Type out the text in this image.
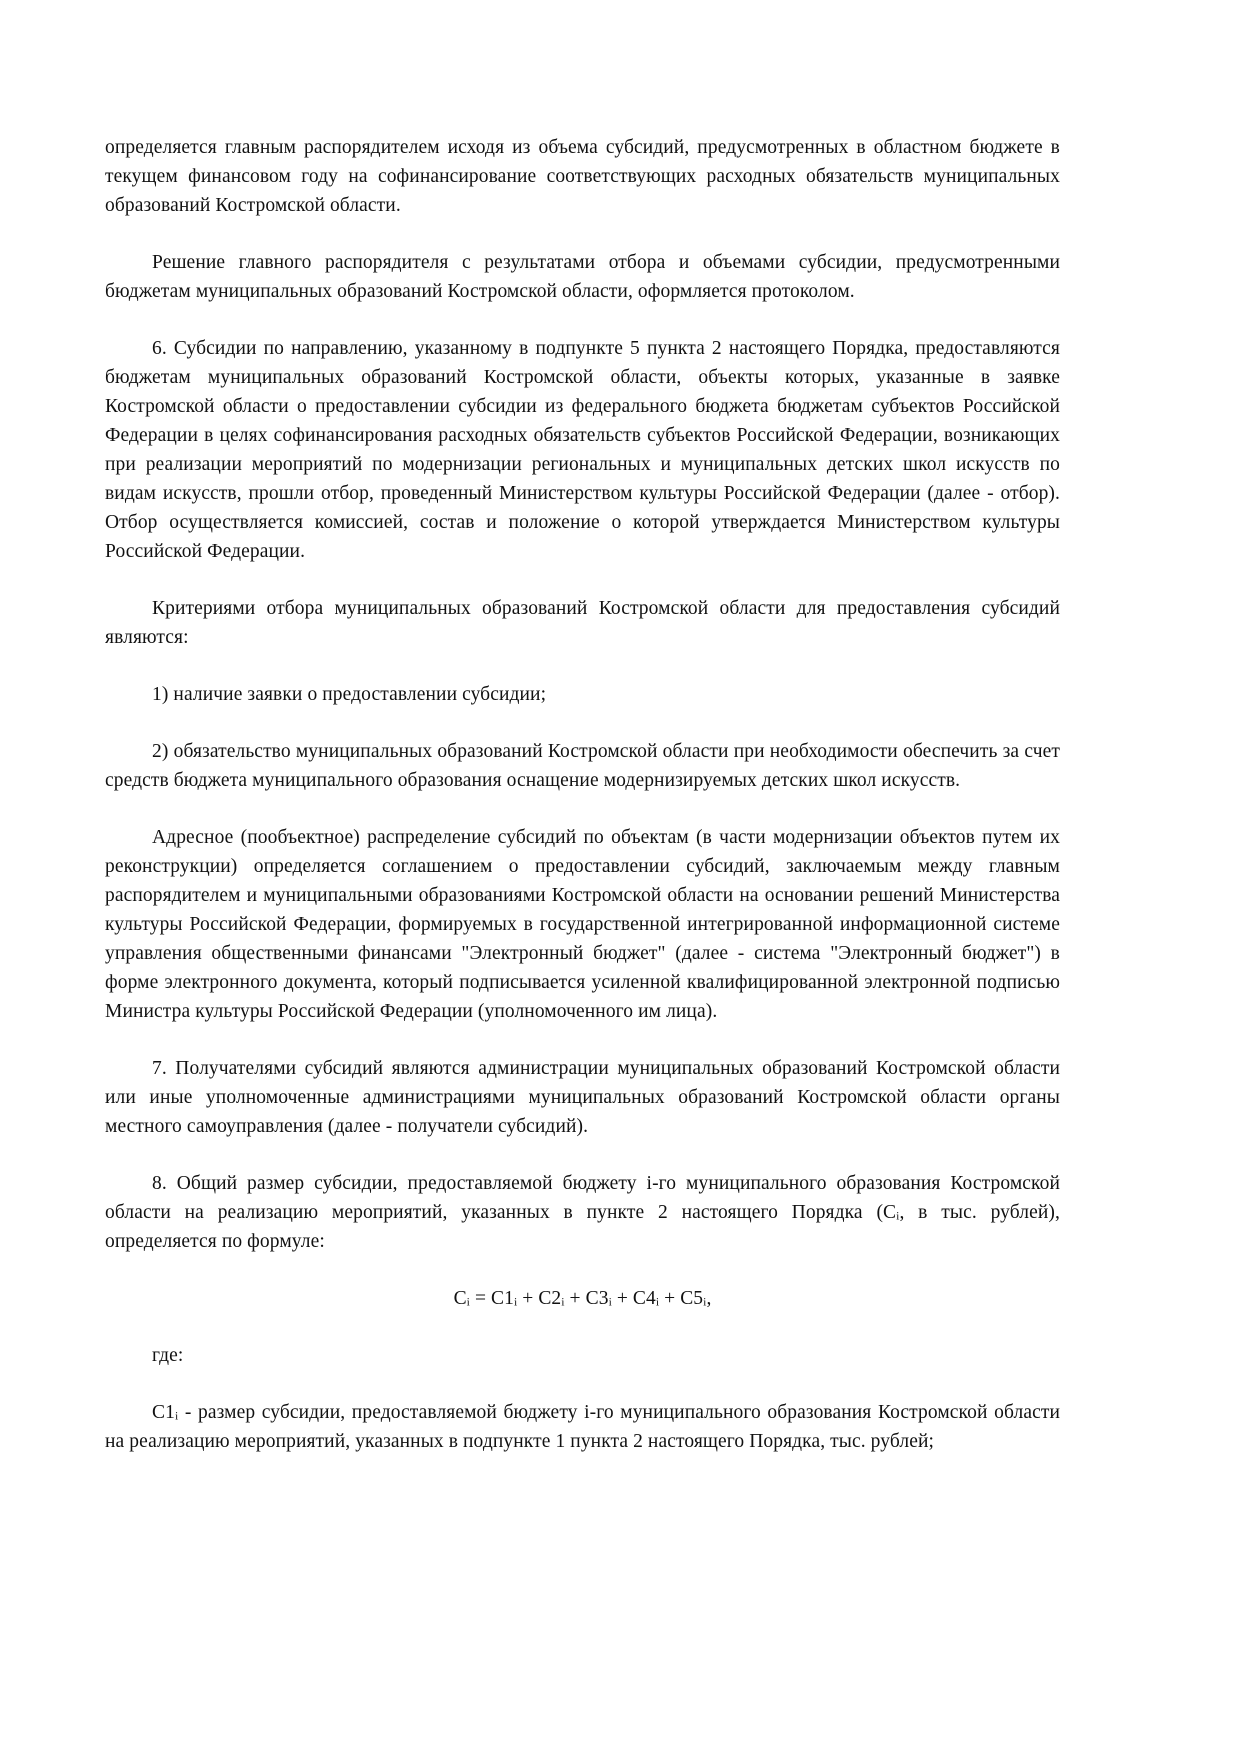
определяется главным распорядителем исходя из объема субсидий, предусмотренных в областном бюджете в текущем финансовом году на софинансирование соответствующих расходных обязательств муниципальных образований Костромской области.

Решение главного распорядителя с результатами отбора и объемами субсидии, предусмотренными бюджетам муниципальных образований Костромской области, оформляется протоколом.

6. Субсидии по направлению, указанному в подпункте 5 пункта 2 настоящего Порядка, предоставляются бюджетам муниципальных образований Костромской области, объекты которых, указанные в заявке Костромской области о предоставлении субсидии из федерального бюджета бюджетам субъектов Российской Федерации в целях софинансирования расходных обязательств субъектов Российской Федерации, возникающих при реализации мероприятий по модернизации региональных и муниципальных детских школ искусств по видам искусств, прошли отбор, проведенный Министерством культуры Российской Федерации (далее - отбор). Отбор осуществляется комиссией, состав и положение о которой утверждается Министерством культуры Российской Федерации.

Критериями отбора муниципальных образований Костромской области для предоставления субсидий являются:

1) наличие заявки о предоставлении субсидии;

2) обязательство муниципальных образований Костромской области при необходимости обеспечить за счет средств бюджета муниципального образования оснащение модернизируемых детских школ искусств.

Адресное (пообъектное) распределение субсидий по объектам (в части модернизации объектов путем их реконструкции) определяется соглашением о предоставлении субсидий, заключаемым между главным распорядителем и муниципальными образованиями Костромской области на основании решений Министерства культуры Российской Федерации, формируемых в государственной интегрированной информационной системе управления общественными финансами "Электронный бюджет" (далее - система "Электронный бюджет") в форме электронного документа, который подписывается усиленной квалифицированной электронной подписью Министра культуры Российской Федерации (уполномоченного им лица).

7. Получателями субсидий являются администрации муниципальных образований Костромской области или иные уполномоченные администрациями муниципальных образований Костромской области органы местного самоуправления (далее - получатели субсидий).

8. Общий размер субсидии, предоставляемой бюджету i-го муниципального образования Костромской области на реализацию мероприятий, указанных в пункте 2 настоящего Порядка (Cᵢ, в тыс. рублей), определяется по формуле:

Cᵢ = C1ᵢ + C2ᵢ + C3ᵢ + C4ᵢ + C5ᵢ,

где:

C1ᵢ - размер субсидии, предоставляемой бюджету i-го муниципального образования Костромской области на реализацию мероприятий, указанных в подпункте 1 пункта 2 настоящего Порядка, тыс. рублей;
